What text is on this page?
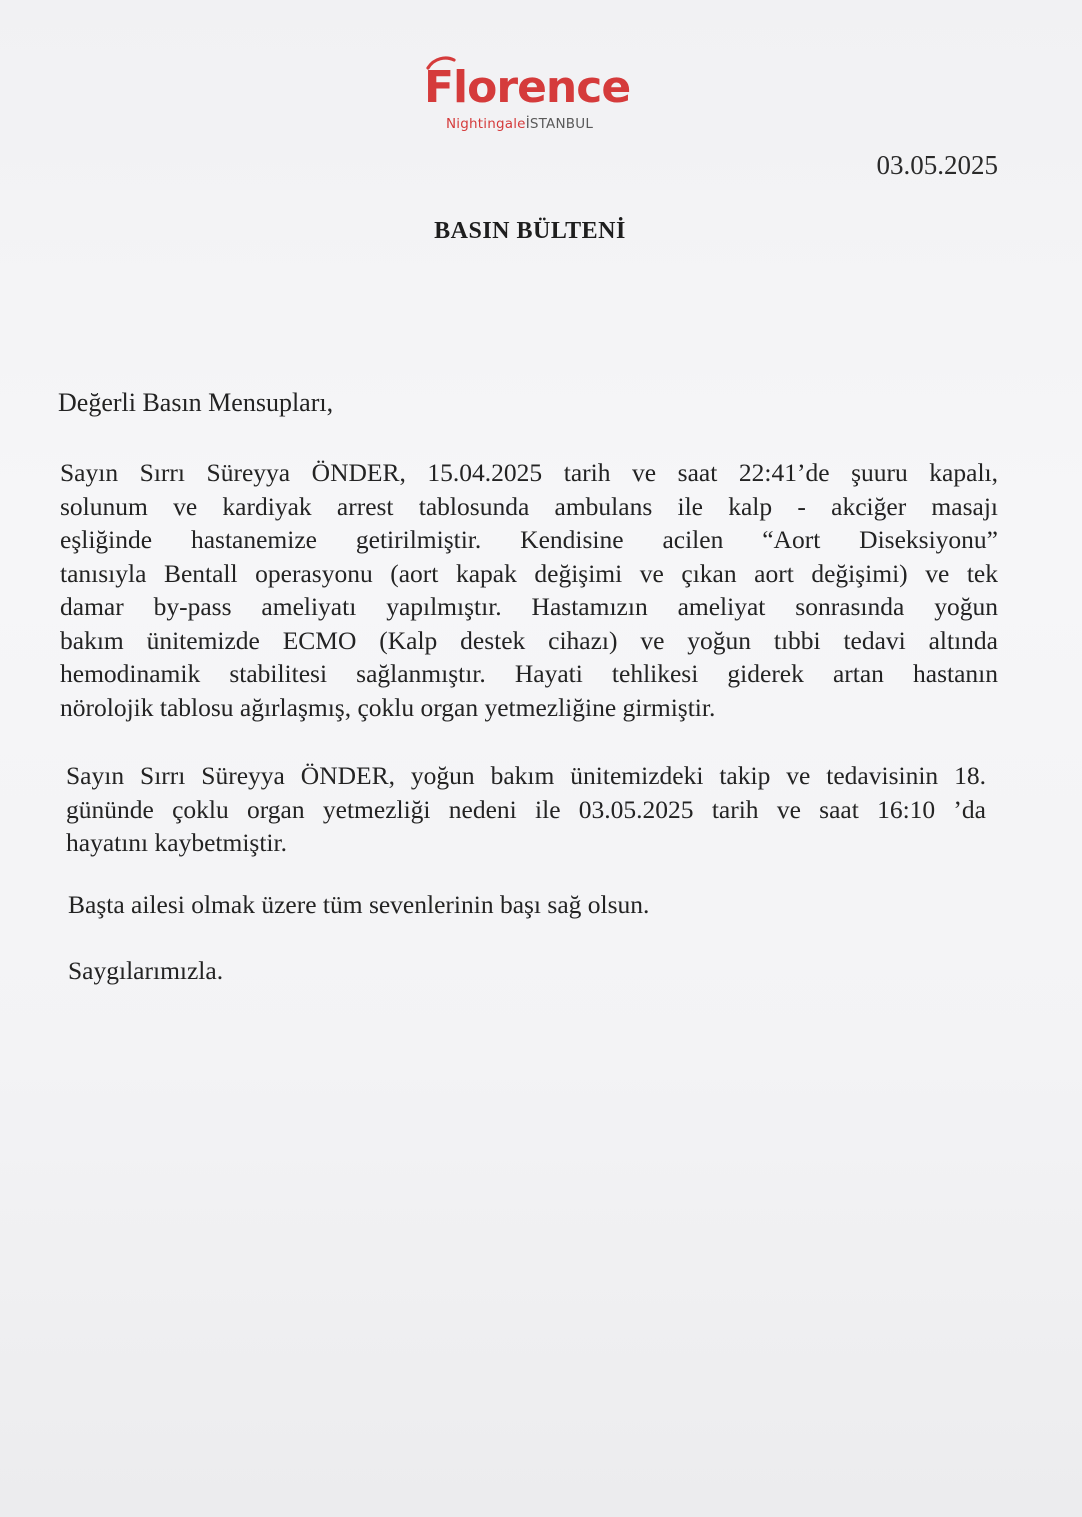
Florence
NightingaleİSTANBUL
03.05.2025
BASIN BÜLTENİ
Değerli Basın Mensupları,
Sayın Sırrı Süreyya ÖNDER, 15.04.2025 tarih ve saat 22:41’de şuuru kapalı,
solunum ve kardiyak arrest tablosunda ambulans ile kalp - akciğer masajı
eşliğinde hastanemize getirilmiştir. Kendisine acilen “Aort Diseksiyonu”
tanısıyla Bentall operasyonu (aort kapak değişimi ve çıkan aort değişimi) ve tek
damar by-pass ameliyatı yapılmıştır. Hastamızın ameliyat sonrasında yoğun
bakım ünitemizde ECMO (Kalp destek cihazı) ve yoğun tıbbi tedavi altında
hemodinamik stabilitesi sağlanmıştır. Hayati tehlikesi giderek artan hastanın
nörolojik tablosu ağırlaşmış, çoklu organ yetmezliğine girmiştir.
Sayın Sırrı Süreyya ÖNDER, yoğun bakım ünitemizdeki takip ve tedavisinin 18.
gününde çoklu organ yetmezliği nedeni ile 03.05.2025 tarih ve saat 16:10 ’da
hayatını kaybetmiştir.
Başta ailesi olmak üzere tüm sevenlerinin başı sağ olsun.
Saygılarımızla.
